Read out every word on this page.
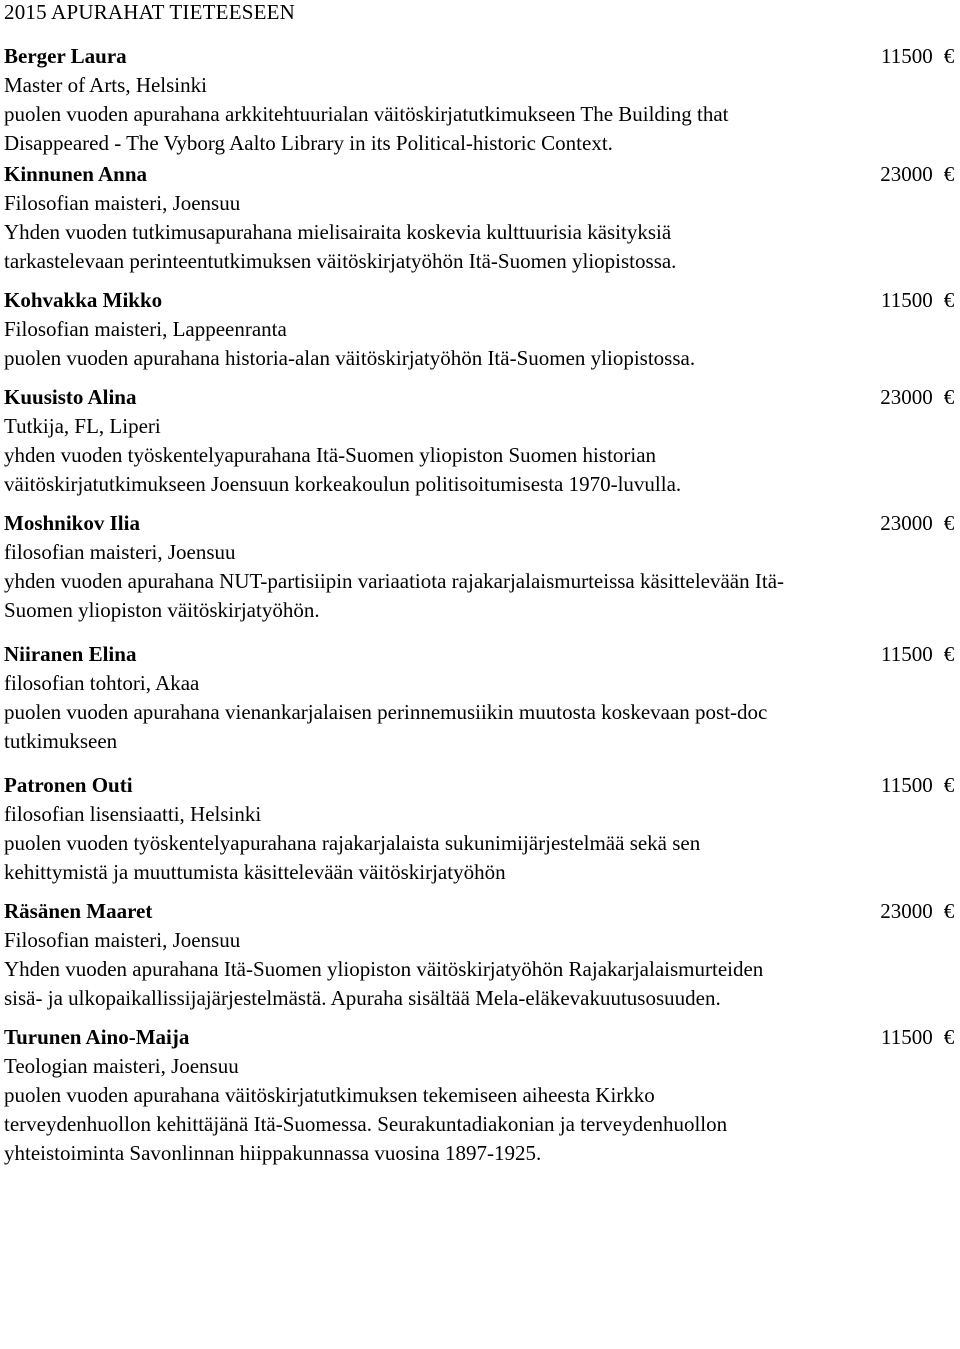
2015 APURAHAT TIETEESEEN
Berger Laura
Master of Arts, Helsinki
puolen vuoden apurahana arkkitehtuurialan väitöskirjatutkimukseen The Building that Disappeared - The Vyborg Aalto Library in its Political-historic Context.
11500 €
Kinnunen Anna
Filosofian maisteri, Joensuu
Yhden vuoden tutkimusapurahana mielisairaita koskevia kulttuurisia käsityksiä tarkastelevaan perinteentutkimuksen väitöskirjatyöhön Itä-Suomen yliopistossa.
23000 €
Kohvakka Mikko
Filosofian maisteri, Lappeenranta
puolen vuoden apurahana historia-alan väitöskirjatyöhön Itä-Suomen yliopistossa.
11500 €
Kuusisto Alina
Tutkija, FL, Liperi
yhden vuoden työskentelyapurahana Itä-Suomen yliopiston Suomen historian väitöskirjatutkimukseen Joensuun korkeakoulun politisoitumisesta 1970-luvulla.
23000 €
Moshnikov Ilia
filosofian maisteri, Joensuu
yhden vuoden apurahana NUT-partisiipin variaatiota rajakarjalaismurteissa käsittelevään Itä-Suomen yliopiston väitöskirjatyöhön.
23000 €
Niiranen Elina
filosofian tohtori, Akaa
puolen vuoden apurahana vienankarjalaisen perinnemusiikin muutosta koskevaan post-doc tutkimukseen
11500 €
Patronen Outi
filosofian lisensiaatti, Helsinki
puolen vuoden työskentelyapurahana rajakarjalaista sukunimijärjestelmää sekä sen kehittymistä ja muuttumista käsittelevään väitöskirjatyöhön
11500 €
Räsänen Maaret
Filosofian maisteri, Joensuu
Yhden vuoden apurahana Itä-Suomen yliopiston väitöskirjatyöhön Rajakarjalaismurteiden sisä- ja ulkopaikallissijajärjestelmästä. Apuraha sisältää Mela-eläkevakuutusosuuden.
23000 €
Turunen Aino-Maija
Teologian maisteri, Joensuu
puolen vuoden apurahana väitöskirjatutkimuksen tekemiseen aiheesta Kirkko terveydenhuollon kehittäjänä Itä-Suomessa. Seurakuntadiakonian ja terveydenhuollon yhteistoiminta Savonlinnan hiippakunnassa vuosina 1897-1925.
11500 €
